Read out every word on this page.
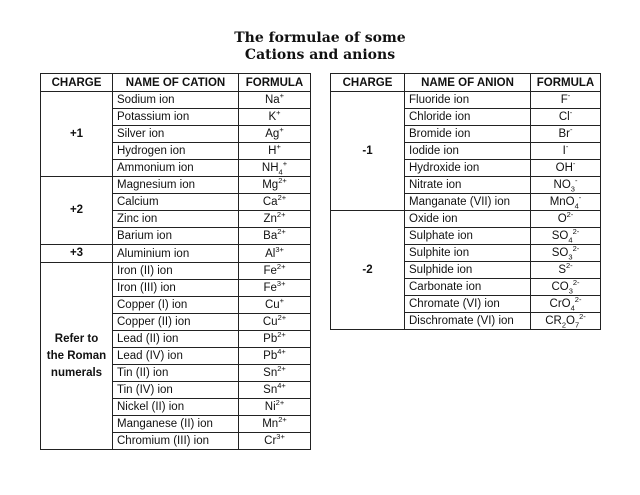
The formulae of some
Cations and anions
CHARGE	NAME OF CATION	FORMULA
+1	Sodium ion	Na+
	Potassium ion	K+
	Silver ion	Ag+
	Hydrogen ion	H+
	Ammonium ion	$NH_4^+$
+2	Magnesium ion	$Mg^{2+}$
	Calcium	$Ca^{2+}$
	Zinc ion	$Zn^{2+}$
	Barium ion	$Ba^{2+}$
+3	Aluminium ion	$Al^{3+}$

Refer to
the Roman
numerals	Iron (II) ion	$Fe^{2+}$
	Iron (III) ion	$Fe^{3+}$
	Copper (I) ion	Cu+
	Copper (II) ion	$Cu^{2+}$
	Lead (II) ion	$Pb^{2+}$
	Lead (IV) ion	$Pb^{4+}$
	Tin (II) ion	$Sn^{2+}$
	Tin (IV) ion	$Sn^{4+}$
	Nickel (II) ion	$Ni^{2+}$
	Manganese (II) ion	$Mn^{2+}$
	Chromium (III) ion	$Cr^{3+}$
CHARGE	NAME OF ANION	FORMULA
-1	Fluoride ion	F-
	Chloride ion	Cl-
	Bromide ion	Br-
	Iodide ion	I-
	Hydroxide ion	OH-
	Nitrate ion	$NO_3^-$
	Manganate (VII) ion	MnO$_4$-
-2	Oxide ion	$O^{2-}$
	Sulphate ion	$SO_4^{2-}$
	Sulphite ion	$SO_3^{2-}$
	Sulphide ion	$S^{2-}$
	Carbonate ion	$CO_3^{2-}$
	Chromate (VI) ion	CrO$_4^{2-}$
	Dischromate (VI) ion	$CR_2O_7^{2-}$
